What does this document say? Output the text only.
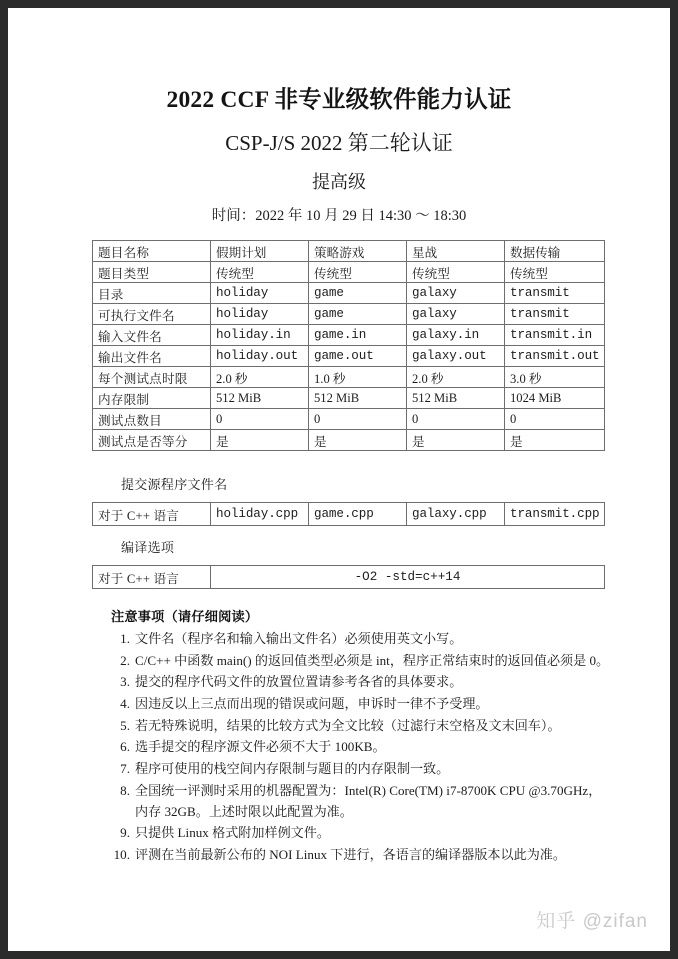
2022 CCF 非专业级软件能力认证
CSP-J/S 2022 第二轮认证
提高级
时间：2022 年 10 月 29 日 14:30 ～ 18:30
题目名称	假期计划	策略游戏	星战	数据传输
题目类型	传统型	传统型	传统型	传统型
目录	holiday	game	galaxy	transmit
可执行文件名	holiday	game	galaxy	transmit
输入文件名	holiday.in	game.in	galaxy.in	transmit.in
输出文件名	holiday.out	game.out	galaxy.out	transmit.out
每个测试点时限	2.0 秒	1.0 秒	2.0 秒	3.0 秒
内存限制	512 MiB	512 MiB	512 MiB	1024 MiB
测试点数目	0	0	0	0
测试点是否等分	是	是	是	是
提交源程序文件名
对于 C++ 语言	holiday.cpp	game.cpp	galaxy.cpp	transmit.cpp
编译选项
对于 C++ 语言	-O2 -std=c++14
注意事项（请仔细阅读）
1. 文件名（程序名和输入输出文件名）必须使用英文小写。
2. C/C++ 中函数 main() 的返回值类型必须是 int，程序正常结束时的返回值必须是 0。
3. 提交的程序代码文件的放置位置请参考各省的具体要求。
4. 因违反以上三点而出现的错误或问题，申诉时一律不予受理。
5. 若无特殊说明，结果的比较方式为全文比较（过滤行末空格及文末回车）。
6. 选手提交的程序源文件必须不大于 100KB。
7. 程序可使用的栈空间内存限制与题目的内存限制一致。
8. 全国统一评测时采用的机器配置为：Intel(R) Core(TM) i7-8700K CPU @3.70GHz，内存 32GB。上述时限以此配置为准。
9. 只提供 Linux 格式附加样例文件。
10. 评测在当前最新公布的 NOI Linux 下进行，各语言的编译器版本以此为准。
知乎 @zifan
